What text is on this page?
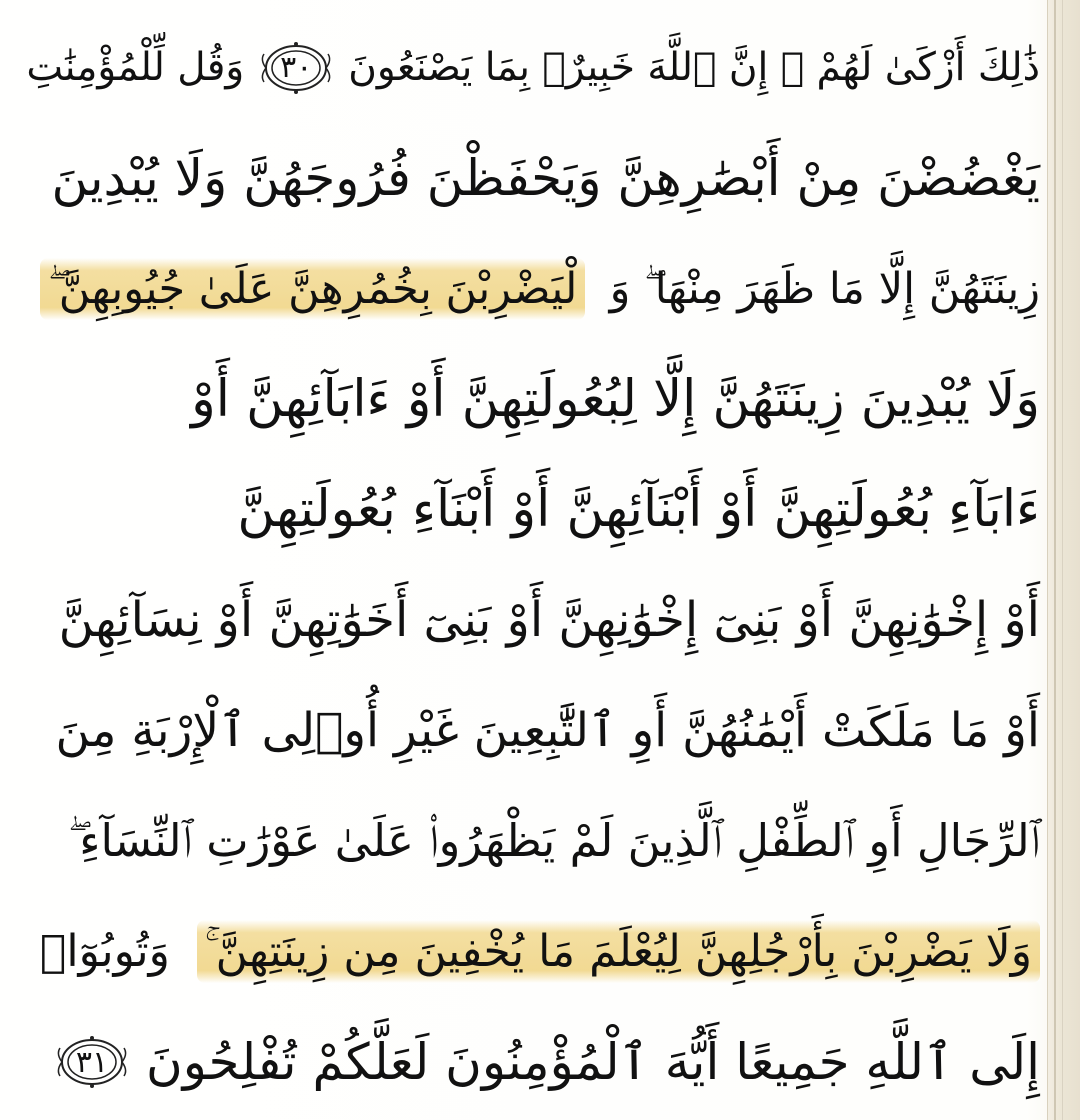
ذَٰلِكَ أَزْكَىٰ لَهُمْ ۗ إِنَّ ٱللَّهَ خَبِيرٌۢ بِمَا يَصْنَعُونَ
٣٠
وَقُل لِّلْمُؤْمِنَٰتِ
يَغْضُضْنَ مِنْ أَبْصَٰرِهِنَّ وَيَحْفَظْنَ فُرُوجَهُنَّ وَلَا يُبْدِينَ
زِينَتَهُنَّ إِلَّا مَا ظَهَرَ مِنْهَا ۖ وَ
لْيَضْرِبْنَ بِخُمُرِهِنَّ عَلَىٰ جُيُوبِهِنَّ ۖ
وَلَا يُبْدِينَ زِينَتَهُنَّ إِلَّا لِبُعُولَتِهِنَّ أَوْ ءَابَآئِهِنَّ أَوْ
ءَابَآءِ بُعُولَتِهِنَّ أَوْ أَبْنَآئِهِنَّ أَوْ أَبْنَآءِ بُعُولَتِهِنَّ
أَوْ إِخْوَٰنِهِنَّ أَوْ بَنِىٓ إِخْوَٰنِهِنَّ أَوْ بَنِىٓ أَخَوَٰتِهِنَّ أَوْ نِسَآئِهِنَّ
أَوْ مَا مَلَكَتْ أَيْمَٰنُهُنَّ أَوِ ٱلتَّٰبِعِينَ غَيْرِ أُو۟لِى ٱلْإِرْبَةِ مِنَ
ٱلرِّجَالِ أَوِ ٱلطِّفْلِ ٱلَّذِينَ لَمْ يَظْهَرُوا۟ عَلَىٰ عَوْرَٰتِ ٱلنِّسَآءِ ۖ
وَلَا يَضْرِبْنَ بِأَرْجُلِهِنَّ لِيُعْلَمَ مَا يُخْفِينَ مِن زِينَتِهِنَّ ۚ
وَتُوبُوٓا۟
إِلَى ٱللَّهِ جَمِيعًا أَيُّهَ ٱلْمُؤْمِنُونَ لَعَلَّكُمْ تُفْلِحُونَ
٣١
